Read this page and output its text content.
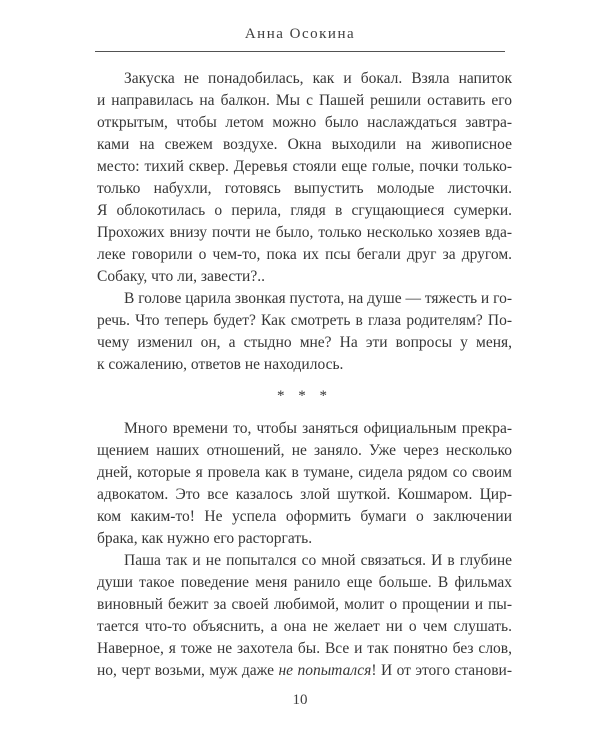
Анна Осокина

Закуска не понадобилась, как и бокал. Взяла напиток
и направилась на балкон. Мы с Пашей решили оставить его
открытым, чтобы летом можно было наслаждаться завтра-
ками на свежем воздухе. Окна выходили на живописное
место: тихий сквер. Деревья стояли еще голые, почки только-
только набухли, готовясь выпустить молодые листочки.
Я облокотилась о перила, глядя в сгущающиеся сумерки.
Прохожих внизу почти не было, только несколько хозяев вда-
леке говорили о чем-то, пока их псы бегали друг за другом.
Собаку, что ли, завести?..

В голове царила звонкая пустота, на душе — тяжесть и го-
речь. Что теперь будет? Как смотреть в глаза родителям? По-
чему изменил он, а стыдно мне? На эти вопросы у меня,
к сожалению, ответов не находилось.

* * *

Много времени то, чтобы заняться официальным прекра-
щением наших отношений, не заняло. Уже через несколько
дней, которые я провела как в тумане, сидела рядом со своим
адвокатом. Это все казалось злой шуткой. Кошмаром. Цир-
ком каким-то! Не успела оформить бумаги о заключении
брака, как нужно его расторгать.

Паша так и не попытался со мной связаться. И в глубине
души такое поведение меня ранило еще больше. В фильмах
виновный бежит за своей любимой, молит о прощении и пы-
тается что-то объяснить, а она не желает ни о чем слушать.
Наверное, я тоже не захотела бы. Все и так понятно без слов,
но, черт возьми, муж даже не попытался! И от этого станови-

10
